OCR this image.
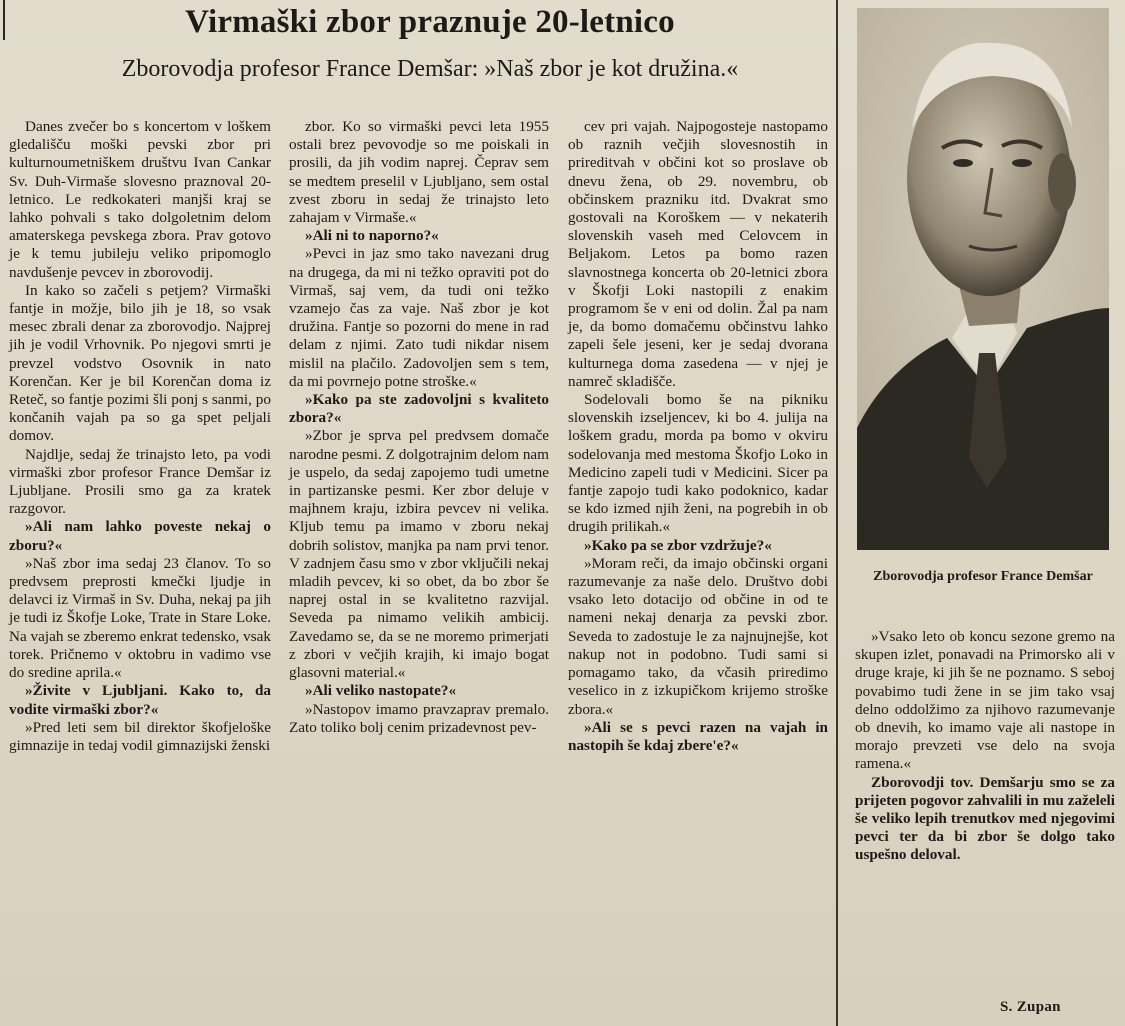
Virmaški zbor praznuje 20-letnico
Zborovodja profesor France Demšar: »Naš zbor je kot družina.«

Danes zvečer bo s koncertom v loškem gledališču moški pevski zbor pri kulturnoumetniškem društvu Ivan Cankar Sv. Duh-Virmaše slovesno praznoval 20-letnico. Le redkokateri manjši kraj se lahko pohvali s tako dolgoletnim delom amaterskega pevskega zbora. Prav gotovo je k temu jubileju veliko pripomoglo navdušenje pevcev in zborovodij.

In kako so začeli s petjem? Virmaški fantje in možje, bilo jih je 18, so vsak mesec zbrali denar za zborovodjo. Najprej jih je vodil Vrhovnik. Po njegovi smrti je prevzel vodstvo Osovnik in nato Korenčan. Ker je bil Korenčan doma iz Reteč, so fantje pozimi šli ponj s sanmi, po končanih vajah pa so ga spet peljali domov.

Najdlje, sedaj že trinajsto leto, pa vodi virmaški zbor profesor France Demšar iz Ljubljane. Prosili smo ga za kratek razgovor.

»Ali nam lahko poveste nekaj o zboru?«

»Naš zbor ima sedaj 23 članov. To so predvsem preprosti kmečki ljudje in delavci iz Virmaš in Sv. Duha, nekaj pa jih je tudi iz Škofje Loke, Trate in Stare Loke. Na vajah se zberemo enkrat tedensko, vsak torek. Pričnemo v oktobru in vadimo vse do sredine aprila.«

»Živite v Ljubljani. Kako to, da vodite virmaški zbor?«

»Pred leti sem bil direktor škofjeloške gimnazije in tedaj vodil gimnazijski ženski

zbor. Ko so virmaški pevci leta 1955 ostali brez pevovodje so me poiskali in prosili, da jih vodim naprej. Čeprav sem se medtem preselil v Ljubljano, sem ostal zvest zboru in sedaj že trinajsto leto zahajam v Virmaše.«

»Ali ni to naporno?«

»Pevci in jaz smo tako navezani drug na drugega, da mi ni težko opraviti pot do Virmaš, saj vem, da tudi oni težko vzamejo čas za vaje. Naš zbor je kot družina. Fantje so pozorni do mene in rad delam z njimi. Zato tudi nikdar nisem mislil na plačilo. Zadovoljen sem s tem, da mi povrnejo potne stroške.«

»Kako pa ste zadovoljni s kvaliteto zbora?«

»Zbor je sprva pel predvsem domače narodne pesmi. Z dolgotrajnim delom nam je uspelo, da sedaj zapojemo tudi umetne in partizanske pesmi. Ker zbor deluje v majhnem kraju, izbira pevcev ni velika. Kljub temu pa imamo v zboru nekaj dobrih solistov, manjka pa nam prvi tenor. V zadnjem času smo v zbor vključili nekaj mladih pevcev, ki so obet, da bo zbor še naprej ostal in se kvalitetno razvijal. Seveda pa nimamo velikih ambicij. Zavedamo se, da se ne moremo primerjati z zbori v večjih krajih, ki imajo bogat glasovni material.«

»Ali veliko nastopate?«

»Nastopov imamo pravzaprav premalo. Zato toliko bolj cenim prizadevnost pev-

cev pri vajah. Najpogosteje nastopamo ob raznih večjih slovesnostih in prireditvah v občini kot so proslave ob dnevu žena, ob 29. novembru, ob občinskem prazniku itd. Dvakrat smo gostovali na Koroškem — v nekaterih slovenskih vaseh med Celovcem in Beljakom. Letos pa bomo razen slavnostnega koncerta ob 20-letnici zbora v Škofji Loki nastopili z enakim programom še v eni od dolin. Žal pa nam je, da bomo domačemu občinstvu lahko zapeli šele jeseni, ker je sedaj dvorana kulturnega doma zasedena — v njej je namreč skladišče.

Sodelovali bomo še na pikniku slovenskih izseljencev, ki bo 4. julija na loškem gradu, morda pa bomo v okviru sodelovanja med mestoma Škofjo Loko in Medicino zapeli tudi v Medicini. Sicer pa fantje zapojo tudi kako podoknico, kadar se kdo izmed njih ženi, na pogrebih in ob drugih prilikah.«

»Kako pa se zbor vzdržuje?«

»Moram reči, da imajo občinski organi razumevanje za naše delo. Društvo dobi vsako leto dotacijo od občine in od te nameni nekaj denarja za pevski zbor. Seveda to zadostuje le za najnujnejše, kot nakup not in podobno. Tudi sami si pomagamo tako, da včasih priredimo veselico in z izkupičkom krijemo stroške zbora.«

»Ali se s pevci razen na vajah in nastopih še kdaj zbere'e?«

Zborovodja profesor France Demšar

»Vsako leto ob koncu sezone gremo na skupen izlet, ponavadi na Primorsko ali v druge kraje, ki jih še ne poznamo. S seboj povabimo tudi žene in se jim tako vsaj delno oddolžimo za njihovo razumevanje ob dnevih, ko imamo vaje ali nastope in morajo prevzeti vse delo na svoja ramena.«

Zborovodji tov. Demšarju smo se za prijeten pogovor zahvalili in mu zaželeli še veliko lepih trenutkov med njegovimi pevci ter da bi zbor še dolgo tako uspešno deloval.

S. Zupan
